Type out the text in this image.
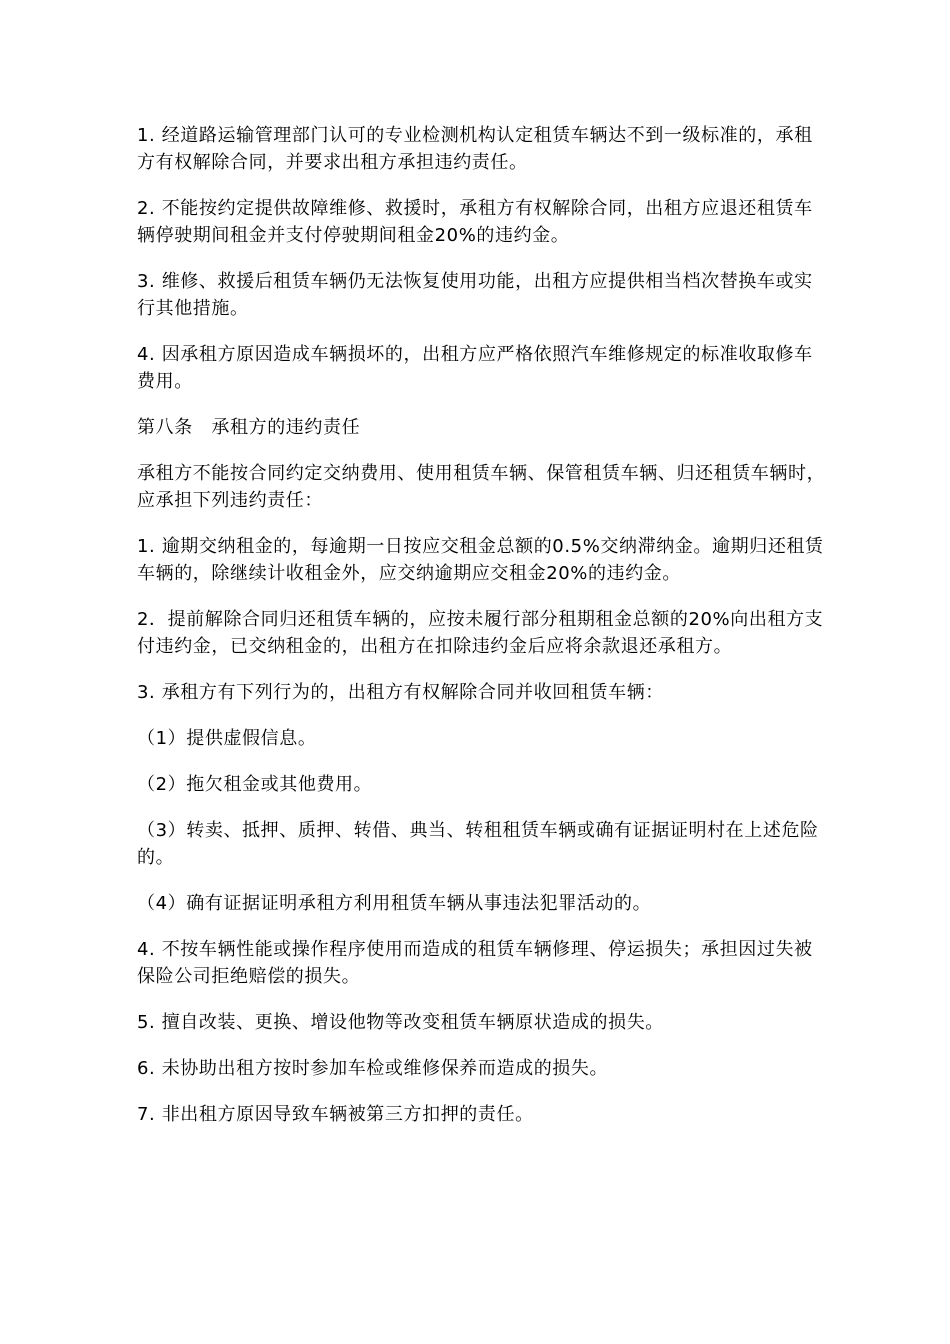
1. 经道路运输管理部门认可的专业检测机构认定租赁车辆达不到一级标准的，承租方有权解除合同，并要求出租方承担违约责任。

2. 不能按约定提供故障维修、救援时，承租方有权解除合同，出租方应退还租赁车辆停驶期间租金并支付停驶期间租金20%的违约金。

3. 维修、救援后租赁车辆仍无法恢复使用功能，出租方应提供相当档次替换车或实行其他措施。

4. 因承租方原因造成车辆损坏的，出租方应严格依照汽车维修规定的标准收取修车费用。

第八条　承租方的违约责任

承租方不能按合同约定交纳费用、使用租赁车辆、保管租赁车辆、归还租赁车辆时，应承担下列违约责任：

1. 逾期交纳租金的，每逾期一日按应交租金总额的0.5%交纳滞纳金。逾期归还租赁车辆的，除继续计收租金外，应交纳逾期应交租金20%的违约金。

2．提前解除合同归还租赁车辆的，应按未履行部分租期租金总额的20%向出租方支付违约金，已交纳租金的，出租方在扣除违约金后应将余款退还承租方。

3. 承租方有下列行为的，出租方有权解除合同并收回租赁车辆：

（1）提供虚假信息。

（2）拖欠租金或其他费用。

（3）转卖、抵押、质押、转借、典当、转租租赁车辆或确有证据证明村在上述危险的。

（4）确有证据证明承租方利用租赁车辆从事违法犯罪活动的。

4. 不按车辆性能或操作程序使用而造成的租赁车辆修理、停运损失；承担因过失被保险公司拒绝赔偿的损失。

5. 擅自改装、更换、增设他物等改变租赁车辆原状造成的损失。

6. 未协助出租方按时参加车检或维修保养而造成的损失。

7. 非出租方原因导致车辆被第三方扣押的责任。
